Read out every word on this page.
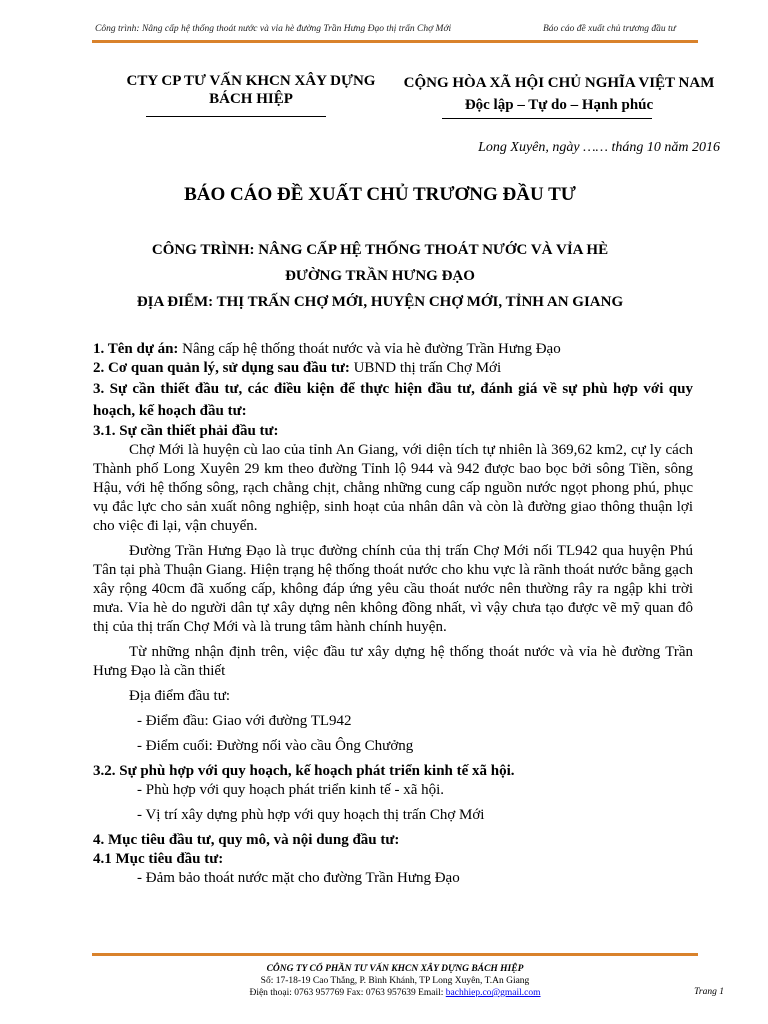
Công trình: Nâng cấp hệ thống thoát nước và vỉa hè đường Trần Hưng Đạo thị trấn Chợ Mới	Báo cáo đề xuất chủ trương đầu tư
CTY CP TƯ VẤN KHCN XÂY DỰNG
BÁCH HIỆP
CỘNG HÒA XÃ HỘI CHỦ NGHĨA VIỆT NAM
Độc lập – Tự do – Hạnh phúc
Long Xuyên, ngày …… tháng 10 năm 2016
BÁO CÁO ĐỀ XUẤT CHỦ TRƯƠNG ĐẦU TƯ
CÔNG TRÌNH: NÂNG CẤP HỆ THỐNG THOÁT NƯỚC VÀ VỈA HÈ
ĐƯỜNG TRẦN HƯNG ĐẠO
ĐỊA ĐIỂM: THỊ TRẤN CHỢ MỚI, HUYỆN CHỢ MỚI, TỈNH AN GIANG

1. Tên dự án: Nâng cấp hệ thống thoát nước và vỉa hè đường Trần Hưng Đạo

2. Cơ quan quản lý, sử dụng sau đầu tư: UBND thị trấn Chợ Mới

3. Sự cần thiết đầu tư, các điều kiện để thực hiện đầu tư, đánh giá về sự phù hợp với quy hoạch, kế hoạch đầu tư:

3.1. Sự cần thiết phải đầu tư:

Chợ Mới là huyện cù lao của tỉnh An Giang, với diện tích tự nhiên là 369,62 km2, cự ly cách Thành phố Long Xuyên 29 km theo đường Tỉnh lộ 944 và 942 được bao bọc bởi sông Tiền, sông Hậu, với hệ thống sông, rạch chằng chịt, chằng những cung cấp nguồn nước ngọt phong phú, phục vụ đắc lực cho sản xuất nông nghiệp, sinh hoạt của nhân dân và còn là đường giao thông thuận lợi cho việc đi lại, vận chuyển.

Đường Trần Hưng Đạo là trục đường chính của thị trấn Chợ Mới nối TL942 qua huyện Phú Tân tại phà Thuận Giang. Hiện trạng hệ thống thoát nước cho khu vực là rãnh thoát nước bằng gạch xây rộng 40cm đã xuống cấp, không đáp ứng yêu cầu thoát nước nên thường rây ra ngập khi trời mưa. Vỉa hè do người dân tự xây dựng nên không đồng nhất, vì vậy chưa tạo được vẽ mỹ quan đô thị của thị trấn Chợ Mới và là trung tâm hành chính huyện.

Từ những nhận định trên, việc đầu tư xây dựng hệ thống thoát nước và vỉa hè đường Trần Hưng Đạo là cần thiết

Địa điểm đầu tư:

- Điểm đầu: Giao với đường TL942

- Điểm cuối: Đường nối vào cầu Ông Chưởng

3.2. Sự phù hợp với quy hoạch, kế hoạch phát triển kinh tế xã hội.

- Phù hợp với quy hoạch phát triển kinh tế - xã hội.

- Vị trí xây dựng phù hợp với quy hoạch thị trấn Chợ Mới

4. Mục tiêu đầu tư, quy mô, và nội dung đầu tư:

4.1 Mục tiêu đầu tư:

- Đảm bảo thoát nước mặt cho đường Trần Hưng Đạo

CÔNG TY CỔ PHẦN TƯ VẤN KHCN XÂY DỰNG BÁCH HIỆP
Số: 17-18-19 Cao Thắng, P. Bình Khánh, TP Long Xuyên, T.An Giang
Điện thoại: 0763 957769 Fax: 0763 957639 Email: bachhiep.co@gmail.com	Trang 1
